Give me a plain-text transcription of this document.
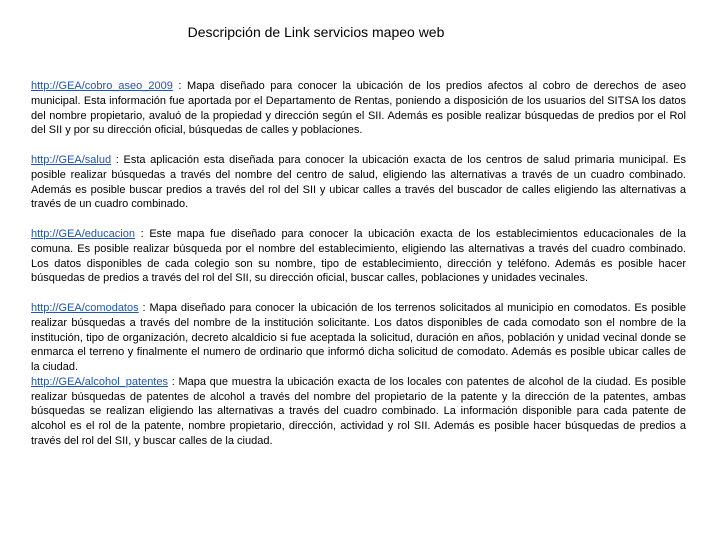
Descripción de Link servicios mapeo web

http://GEA/cobro_aseo_2009 : Mapa diseñado para conocer la ubicación de los predios afectos al cobro de derechos de aseo municipal. Esta información fue aportada por el Departamento de Rentas, poniendo a disposición de los usuarios del SITSA los datos del nombre propietario, avaluó de la propiedad y dirección según el SII. Además es posible realizar búsquedas de predios por el Rol del SII y por su dirección oficial, búsquedas de calles y poblaciones.

http://GEA/salud : Esta aplicación esta diseñada para conocer la ubicación exacta de los centros de salud primaria municipal. Es posible realizar búsquedas a través del nombre del centro de salud, eligiendo las alternativas a través de un cuadro combinado. Además es posible buscar predios a través del rol del SII y ubicar calles a través del buscador de calles eligiendo las alternativas a través de un cuadro combinado.

http://GEA/educacion : Este mapa fue diseñado para conocer la ubicación exacta de los establecimientos educacionales de la comuna. Es posible realizar búsqueda por el nombre del establecimiento, eligiendo las alternativas a través del cuadro combinado. Los datos disponibles de cada colegio son su nombre, tipo de establecimiento, dirección y teléfono. Además es posible hacer búsquedas de predios a través del rol del SII, su dirección oficial, buscar calles, poblaciones y unidades vecinales.

http://GEA/comodatos : Mapa diseñado para conocer la ubicación de los terrenos solicitados al municipio en comodatos. Es posible realizar búsquedas a través del nombre de la institución solicitante. Los datos disponibles de cada comodato son el nombre de la institución, tipo de organización, decreto alcaldicio si fue aceptada la solicitud, duración en años, población y unidad vecinal donde se enmarca el terreno y finalmente el numero de ordinario que informó dicha solicitud de comodato. Además es posible ubicar calles de la ciudad.

http://GEA/alcohol_patentes : Mapa que muestra la ubicación exacta de los locales con patentes de alcohol de la ciudad. Es posible realizar búsquedas de patentes de alcohol a través del nombre del propietario de la patente y la dirección de la patentes, ambas búsquedas se realizan eligiendo las alternativas a través del cuadro combinado. La información disponible para cada patente de alcohol es el rol de la patente, nombre propietario, dirección, actividad y rol SII. Además es posible hacer búsquedas de predios a través del rol del SII, y buscar calles de la ciudad.
